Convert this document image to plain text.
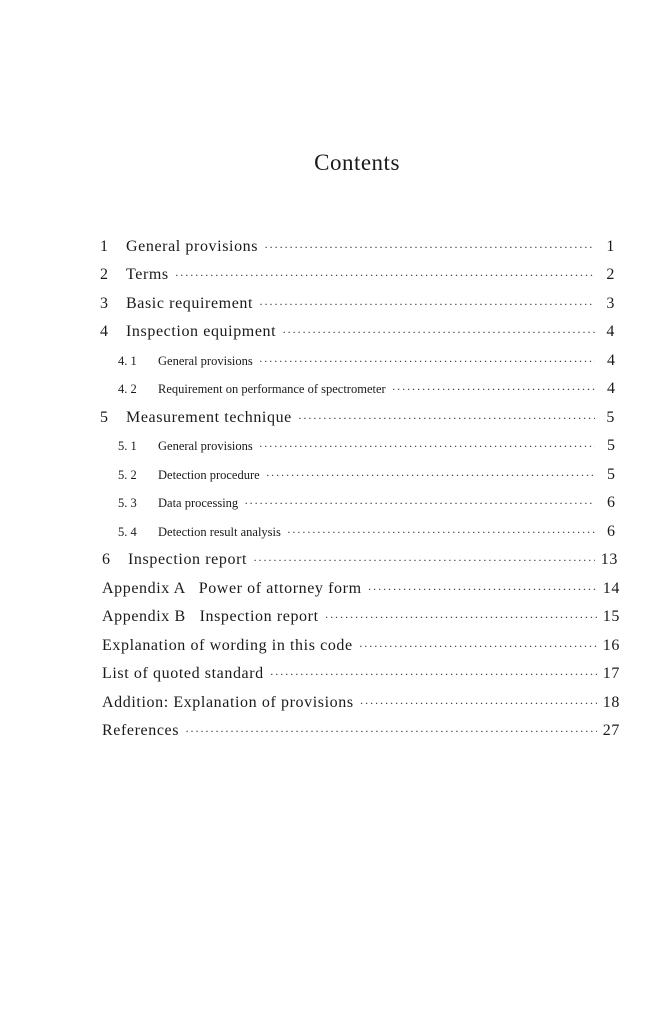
Contents
1 General provisions ·····	1
2 Terms ·····	2
3 Basic requirement ·····	3
4 Inspection equipment ·····	4
4. 1 General provisions ·····	4
4. 2 Requirement on performance of spectrometer ·····	4
5 Measurement technique ·····	5
5. 1 General provisions ·····	5
5. 2 Detection procedure ·····	5
5. 3 Data processing ·····	6
5. 4 Detection result analysis ·····	6
6 Inspection report ·····	13
Appendix A   Power of attorney form ·····	14
Appendix B   Inspection report ·····	15
Explanation of wording in this code ·····	16
List of quoted standard ·····	17
Addition: Explanation of provisions ·····	18
References ·····	27
